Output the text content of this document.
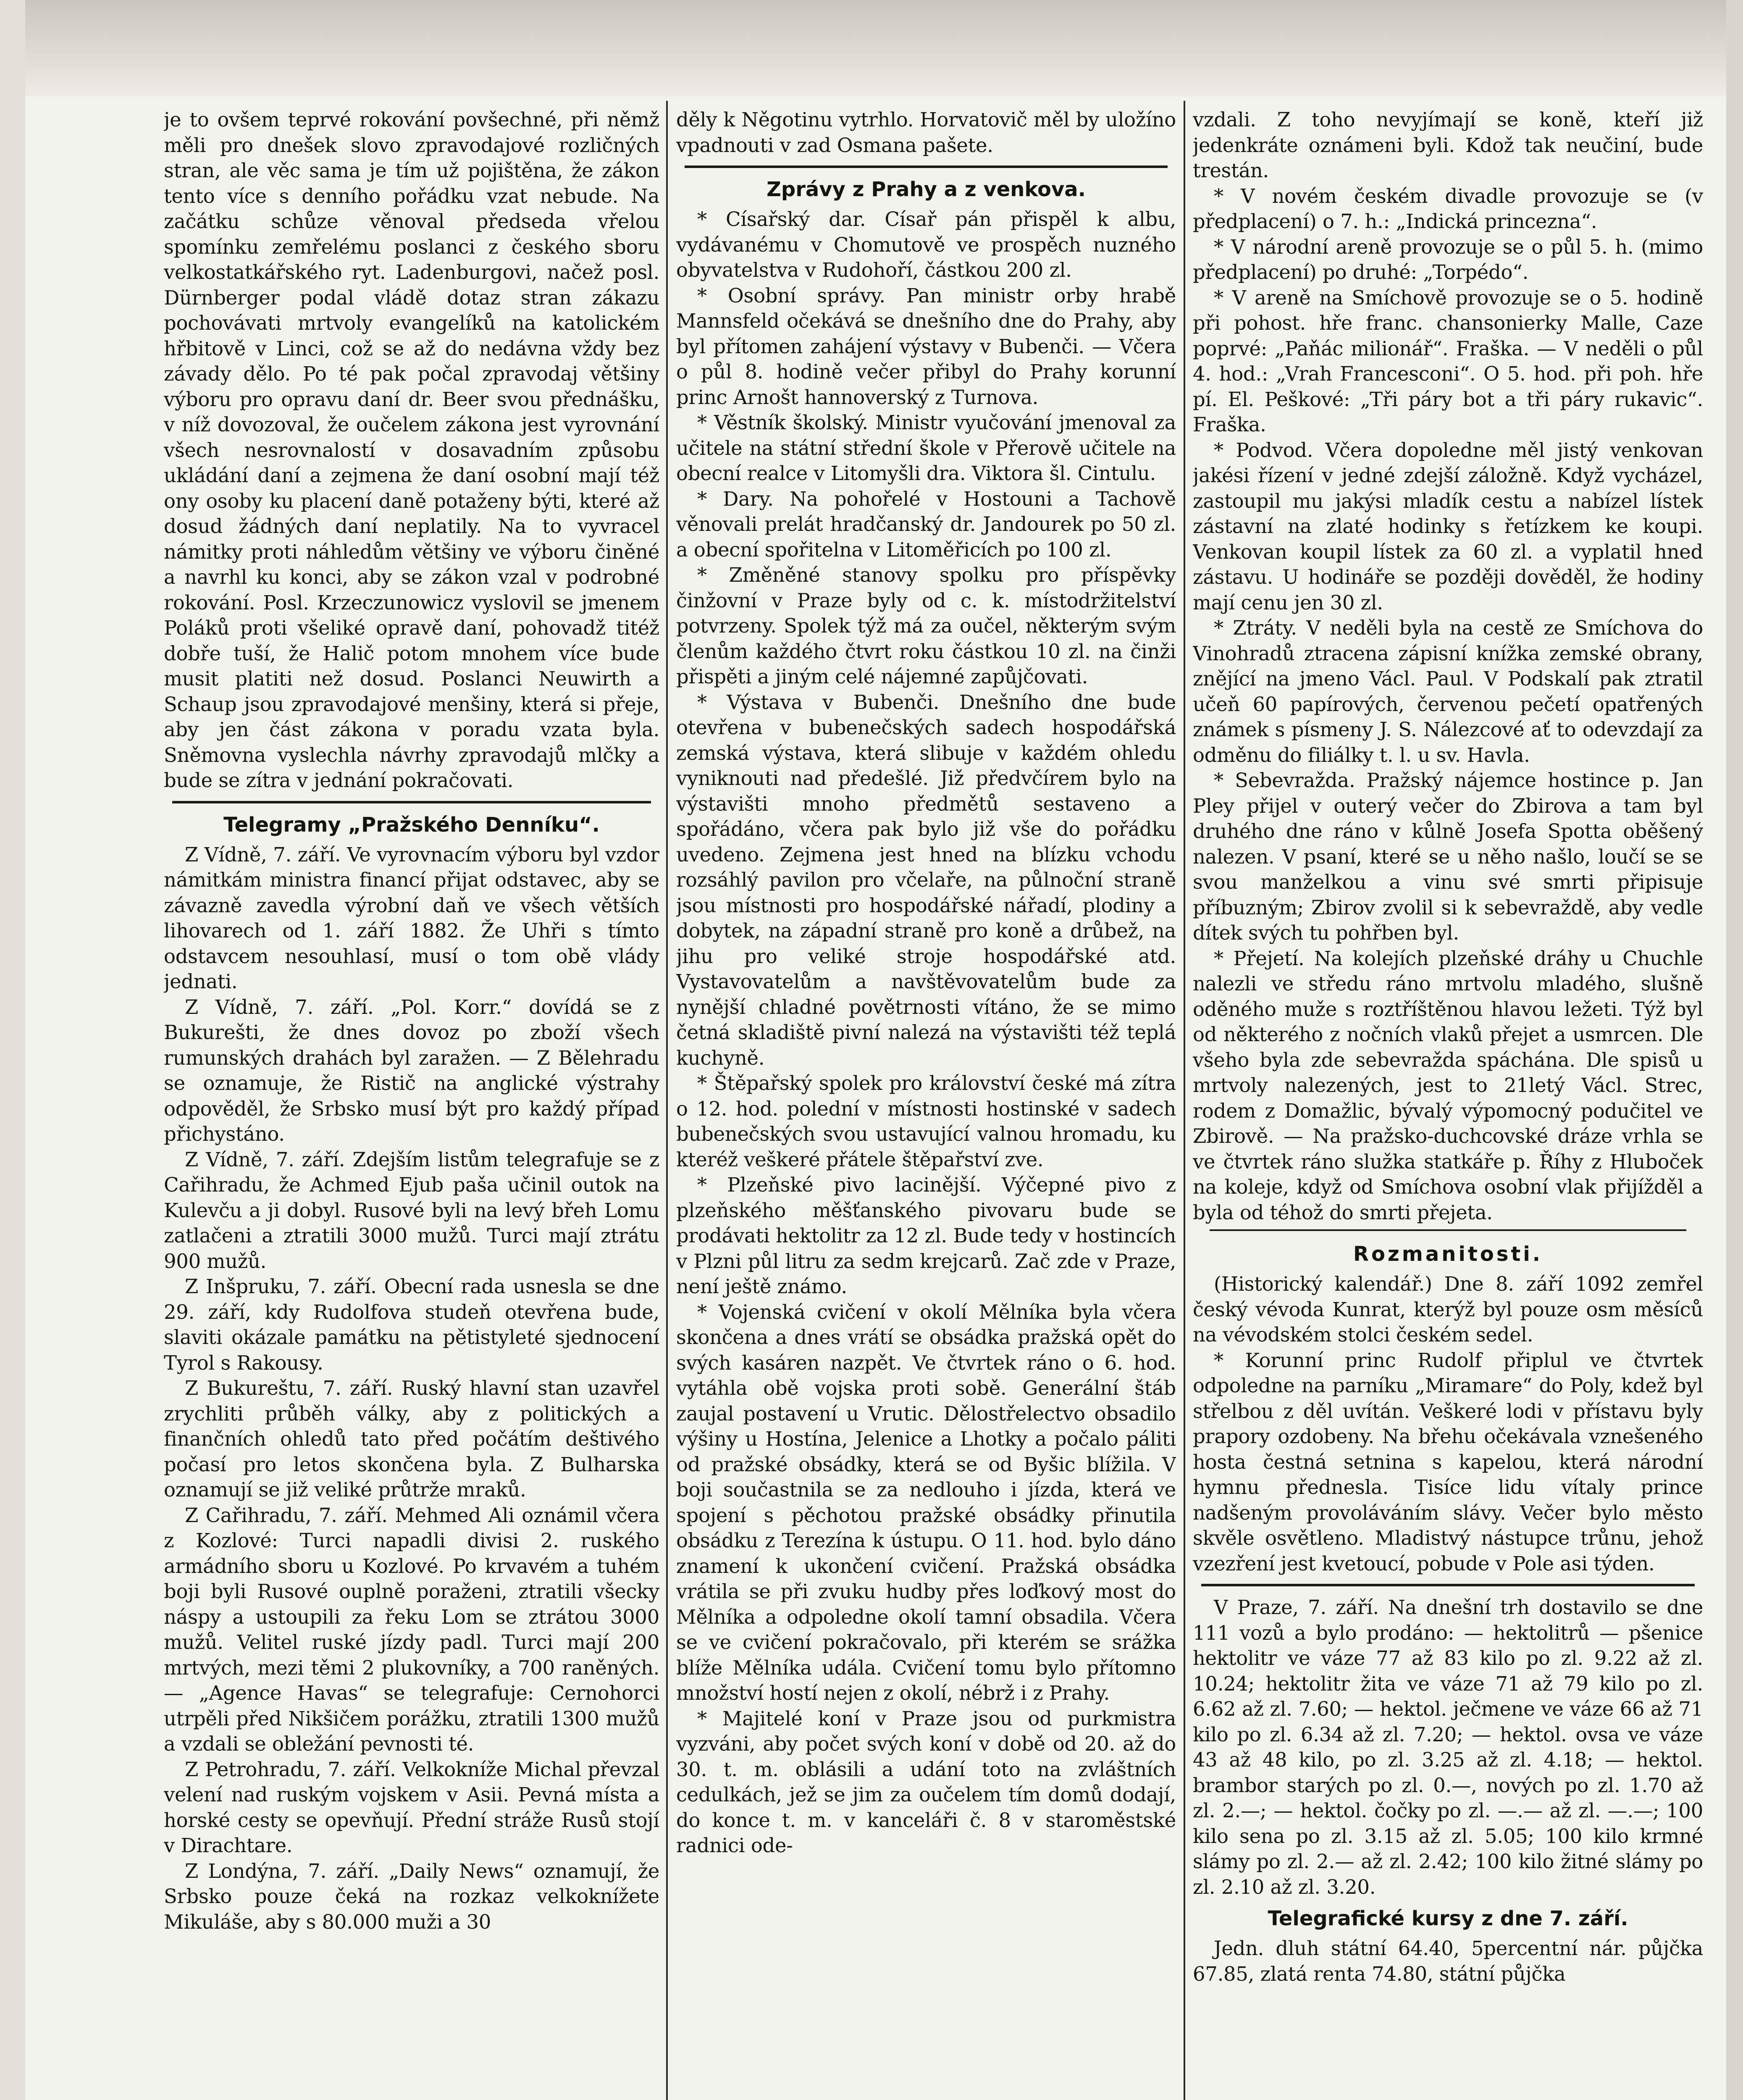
je to ovšem teprvé rokování povšechné, při němž měli pro dnešek slovo zpravodajové rozličných stran, ale věc sama je tím už pojištěna, že zákon tento více s denního pořádku vzat nebude. Na začátku schůze věnoval předseda vřelou spomínku zemřelému poslanci z českého sboru velkostatkářského ryt. Ladenburgovi, načež posl. Dürnberger podal vládě dotaz stran zákazu pochovávati mrtvoly evangelíků na katolickém hřbitově v Linci, což se až do nedávna vždy bez závady dělo. Po té pak počal zpravodaj většiny výboru pro opravu daní dr. Beer svou přednášku, v níž dovozoval, že oučelem zákona jest vyrovnání všech nesrovnalostí v dosavadním způsobu ukládání daní a zejmena že daní osobní mají též ony osoby ku placení daně potaženy býti, které až dosud žádných daní neplatily. Na to vyvracel námitky proti náhledům většiny ve výboru činěné a navrhl ku konci, aby se zákon vzal v podrobné rokování. Posl. Krzeczunowicz vyslovil se jmenem Poláků proti všeliké opravě daní, pohovadž titéž dobře tuší, že Halič potom mnohem více bude musit platiti než dosud. Poslanci Neuwirth a Schaup jsou zpravodajové menšiny, která si přeje, aby jen část zákona v poradu vzata byla. Sněmovna vyslechla návrhy zpravodajů mlčky a bude se zítra v jednání pokračovati.

Telegramy „Pražského Denníku“.

Z Vídně, 7. září. Ve vyrovnacím výboru byl vzdor námitkám ministra financí přijat odstavec, aby se závazně zavedla výrobní daň ve všech větších lihovarech od 1. září 1882. Že Uhři s tímto odstavcem nesouhlasí, musí o tom obě vlády jednati.

Z Vídně, 7. září. „Pol. Korr.“ dovídá se z Bukurešti, že dnes dovoz po zboží všech rumunských drahách byl zaražen. — Z Bělehradu se oznamuje, že Ristič na anglické výstrahy odpověděl, že Srbsko musí být pro každý případ přichystáno.

Z Vídně, 7. září. Zdejším listům telegrafuje se z Cařihradu, že Achmed Ejub paša učinil outok na Kulevču a ji dobyl. Rusové byli na levý břeh Lomu zatlačeni a ztratili 3000 mužů. Turci mají ztrátu 900 mužů.

Z Inšpruku, 7. září. Obecní rada usnesla se dne 29. září, kdy Rudolfova studeň otevřena bude, slaviti okázale památku na pětistyleté sjednocení Tyrol s Rakousy.

Z Bukureštu, 7. září. Ruský hlavní stan uzavřel zrychliti průběh války, aby z politických a finančních ohledů tato před počátím deštivého počasí pro letos skončena byla. Z Bulharska oznamují se již veliké průtrže mraků.

Z Cařihradu, 7. září. Mehmed Ali oznámil včera z Kozlové: Turci napadli divisi 2. ruského armádního sboru u Kozlové. Po krvavém a tuhém boji byli Rusové ouplně poraženi, ztratili všecky náspy a ustoupili za řeku Lom se ztrátou 3000 mužů. Velitel ruské jízdy padl. Turci mají 200 mrtvých, mezi těmi 2 plukovníky, a 700 raněných. — „Agence Havas“ se telegrafuje: Cernohorci utrpěli před Nikšičem porážku, ztratili 1300 mužů a vzdali se obležání pevnosti té.

Z Petrohradu, 7. září. Velkokníže Michal převzal velení nad ruským vojskem v Asii. Pevná místa a horské cesty se opevňují. Přední stráže Rusů stojí v Dirachtare.

Z Londýna, 7. září. „Daily News“ oznamují, že Srbsko pouze čeká na rozkaz velkoknížete Mikuláše, aby s 80.000 muži a 30

děly k Něgotinu vytrhlo. Horvatovič měl by uložíno vpadnouti v zad Osmana pašete.

Zprávy z Prahy a z venkova.

* Císařský dar. Císař pán přispěl k albu, vydávanému v Chomutově ve prospěch nuzného obyvatelstva v Rudohoří, částkou 200 zl.

* Osobní správy. Pan ministr orby hrabě Mannsfeld očekává se dnešního dne do Prahy, aby byl přítomen zahájení výstavy v Bubenči. — Včera o půl 8. hodině večer přibyl do Prahy korunní princ Arnošt hannoverský z Turnova.

* Věstník školský. Ministr vyučování jmenoval za učitele na státní střední škole v Přerově učitele na obecní realce v Litomyšli dra. Viktora šl. Cintulu.

* Dary. Na pohořelé v Hostouni a Tachově věnovali prelát hradčanský dr. Jandourek po 50 zl. a obecní spořitelna v Litoměřicích po 100 zl.

* Změněné stanovy spolku pro příspěvky činžovní v Praze byly od c. k. místodržitelství potvrzeny. Spolek týž má za oučel, některým svým členům každého čtvrt roku částkou 10 zl. na činži přispěti a jiným celé nájemné zapůjčovati.

* Výstava v Bubenči. Dnešního dne bude otevřena v bubenečských sadech hospodářská zemská výstava, která slibuje v každém ohledu vyniknouti nad předešlé. Již předvčírem bylo na výstavišti mnoho předmětů sestaveno a spořádáno, včera pak bylo již vše do pořádku uvedeno. Zejmena jest hned na blízku vchodu rozsáhlý pavilon pro včelaře, na půlnoční straně jsou místnosti pro hospodářské nářadí, plodiny a dobytek, na západní straně pro koně a drůbež, na jihu pro veliké stroje hospodářské atd. Vystavovatelům a navštěvovatelům bude za nynější chladné povětrnosti vítáno, že se mimo četná skladiště pivní nalezá na výstavišti též teplá kuchyně.

* Štěpařský spolek pro království české má zítra o 12. hod. polední v místnosti hostinské v sadech bubenečských svou ustavující valnou hromadu, ku kteréž veškeré přátele štěpařství zve.

* Plzeňské pivo lacinější. Výčepné pivo z plzeňského měšťanského pivovaru bude se prodávati hektolitr za 12 zl. Bude tedy v hostincích v Plzni půl litru za sedm krejcarů. Zač zde v Praze, není ještě známo.

* Vojenská cvičení v okolí Mělníka byla včera skončena a dnes vrátí se obsádka pražská opět do svých kasáren nazpět. Ve čtvrtek ráno o 6. hod. vytáhla obě vojska proti sobě. Generální štáb zaujal postavení u Vrutic. Dělostřelectvo obsadilo výšiny u Hostína, Jelenice a Lhotky a počalo páliti od pražské obsádky, která se od Byšic blížila. V boji součastnila se za nedlouho i jízda, která ve spojení s pěchotou pražské obsádky přinutila obsádku z Terezína k ústupu. O 11. hod. bylo dáno znamení k ukončení cvičení. Pražská obsádka vrátila se při zvuku hudby přes loďkový most do Mělníka a odpoledne okolí tamní obsadila. Včera se ve cvičení pokračovalo, při kterém se srážka blíže Mělníka udála. Cvičení tomu bylo přítomno množství hostí nejen z okolí, nébrž i z Prahy.

* Majitelé koní v Praze jsou od purkmistra vyzváni, aby počet svých koní v době od 20. až do 30. t. m. oblásili a udání toto na zvláštních cedulkách, jež se jim za oučelem tím domů dodají, do konce t. m. v kanceláři č. 8 v staroměstské radnici ode-

vzdali. Z toho nevyjímají se koně, kteří již jedenkráte oznámeni byli. Kdož tak neučiní, bude trestán.

* V novém českém divadle provozuje se (v předplacení) o 7. h.: „Indická princezna“.

* V národní areně provozuje se o půl 5. h. (mimo předplacení) po druhé: „Torpédo“.

* V areně na Smíchově provozuje se o 5. hodině při pohost. hře franc. chansonierky Malle, Caze poprvé: „Paňác milionář“. Fraška. — V neděli o půl 4. hod.: „Vrah Francesconi“. O 5. hod. při poh. hře pí. El. Peškové: „Tři páry bot a tři páry rukavic“. Fraška.

* Podvod. Včera dopoledne měl jistý venkovan jakési řízení v jedné zdejší záložně. Když vycházel, zastoupil mu jakýsi mladík cestu a nabízel lístek zástavní na zlaté hodinky s řetízkem ke koupi. Venkovan koupil lístek za 60 zl. a vyplatil hned zástavu. U hodináře se později dověděl, že hodiny mají cenu jen 30 zl.

* Ztráty. V neděli byla na cestě ze Smíchova do Vinohradů ztracena zápisní knížka zemské obrany, znějící na jmeno Václ. Paul. V Podskalí pak ztratil učeň 60 papírových, červenou pečetí opatřených známek s písmeny J. S. Nálezcové ať to odevzdají za odměnu do filiálky t. l. u sv. Havla.

* Sebevražda. Pražský nájemce hostince p. Jan Pley přijel v outerý večer do Zbirova a tam byl druhého dne ráno v kůlně Josefa Spotta oběšený nalezen. V psaní, které se u něho našlo, loučí se se svou manželkou a vinu své smrti připisuje příbuzným; Zbirov zvolil si k sebevraždě, aby vedle dítek svých tu pohřben byl.

* Přejetí. Na kolejích plzeňské dráhy u Chuchle nalezli ve středu ráno mrtvolu mladého, slušně oděného muže s roztříštěnou hlavou ležeti. Týž byl od některého z nočních vlaků přejet a usmrcen. Dle všeho byla zde sebevražda spáchána. Dle spisů u mrtvoly nalezených, jest to 21letý Václ. Strec, rodem z Domažlic, bývalý výpomocný podučitel ve Zbirově. — Na pražsko-duchcovské dráze vrhla se ve čtvrtek ráno služka statkáře p. Říhy z Hluboček na koleje, když od Smíchova osobní vlak přijížděl a byla od téhož do smrti přejeta.

Rozmanitosti.

(Historický kalendář.) Dne 8. září 1092 zemřel český vévoda Kunrat, kterýž byl pouze osm měsíců na vévodském stolci českém sedel.

* Korunní princ Rudolf připlul ve čtvrtek odpoledne na parníku „Miramare“ do Poly, kdež byl střelbou z děl uvítán. Veškeré lodi v přístavu byly prapory ozdobeny. Na břehu očekávala vznešeného hosta čestná setnina s kapelou, která národní hymnu přednesla. Tisíce lidu vítaly prince nadšeným provoláváním slávy. Večer bylo město skvěle osvětleno. Mladistvý nástupce trůnu, jehož vzezření jest kvetoucí, pobude v Pole asi týden.

V Praze, 7. září. Na dnešní trh dostavilo se dne 111 vozů a bylo prodáno: — hektolitrů — pšenice hektolitr ve váze 77 až 83 kilo po zl. 9.22 až zl. 10.24; hektolitr žita ve váze 71 až 79 kilo po zl. 6.62 až zl. 7.60; — hektol. ječmene ve váze 66 až 71 kilo po zl. 6.34 až zl. 7.20; — hektol. ovsa ve váze 43 až 48 kilo, po zl. 3.25 až zl. 4.18; — hektol. brambor starých po zl. 0.—, nových po zl. 1.70 až zl. 2.—; — hektol. čočky po zl. —.— až zl. —.—; 100 kilo sena po zl. 3.15 až zl. 5.05; 100 kilo krmné slámy po zl. 2.— až zl. 2.42; 100 kilo žitné slámy po zl. 2.10 až zl. 3.20.

Telegrafické kursy z dne 7. září.

Jedn. dluh státní 64.40, 5percentní nár. půjčka 67.85, zlatá renta 74.80, státní půjčka
